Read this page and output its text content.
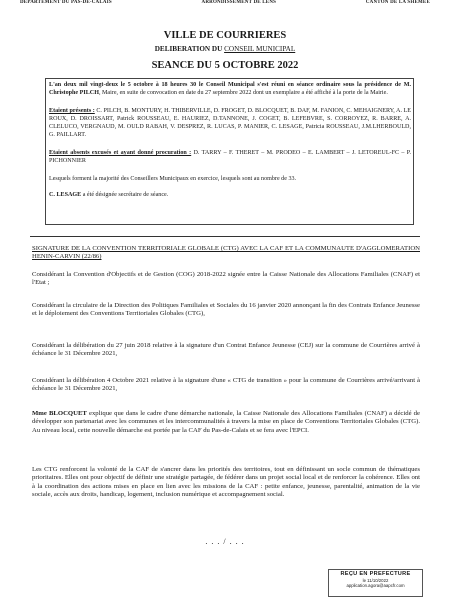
DÉPARTEMENT DU PAS-DE-CALAIS	ARRONDISSEMENT DE LENS	CANTON DE LA SHEMEE
VILLE DE COURRIERES
DELIBERATION DU CONSEIL MUNICIPAL
SEANCE DU 5 OCTOBRE 2022

L'an deux mil vingt-deux le 5 octobre à 18 heures 30 le Conseil Municipal s'est réuni en séance ordinaire sous la présidence de M. Christophe PILCH, Maire, en suite de convocation en date du 27 septembre 2022 dont un exemplaire a été affiché à la porte de la Mairie.

Etaient présents : C. PILCH, B. MONTURY, H. THIBERVILLE, D. FROGET, D. BLOCQUET, B. DAF, M. FANION, C. MEHAIGNERY, A. LE ROUX, D. DROISSART, Patrick ROUSSEAU, E. HAURIEZ, D.TANNONE, J. COGET, B. LEFEBVRE, S. CORROYEZ, R. BARRE, A. CLELUCO, VERGNAUD, M. OULD RABAH, V. DESPREZ, R. LUCAS, P. MANIER, C. LESAGE, Patricia ROUSSEAU, J.M.LHERBOULD, G. PAILLART.

Etaient absents excusés et ayant donné procuration : D. TARRY – F. THERET – M. PRODEO – E. LAMBERT – J. LETOREUL-FC – P. PICHONNIER

Lesquels forment la majorité des Conseillers Municipaux en exercice, lesquels sont au nombre de 33.

C. LESAGE a été désignée secrétaire de séance.

SIGNATURE DE LA CONVENTION TERRITORIALE GLOBALE (CTG) AVEC LA CAF ET LA COMMUNAUTE D'AGGLOMERATION HENIN-CARVIN (22/86)

Considérant la Convention d'Objectifs et de Gestion (COG) 2018-2022 signée entre la Caisse Nationale des Allocations Familiales (CNAF) et l'Etat ;

Considérant la circulaire de la Direction des Politiques Familiales et Sociales du 16 janvier 2020 annonçant la fin des Contrats Enfance Jeunesse et le déploiement des Conventions Territoriales Globales (CTG),

Considérant la délibération du 27 juin 2018 relative à la signature d'un Contrat Enfance Jeunesse (CEJ) sur la commune de Courrières arrivé à échéance le 31 Décembre 2021,

Considérant la délibération 4 Octobre 2021 relative à la signature d'une « CTG de transition » pour la commune de Courrières arrivé/arrivant à échéance le 31 Décembre 2021,

Mme BLOCQUET explique que dans le cadre d'une démarche nationale, la Caisse Nationale des Allocations Familiales (CNAF) a décidé de développer son partenariat avec les communes et les intercommunalités à travers la mise en place de Conventions Territoriales Globales (CTG). Au niveau local, cette nouvelle démarche est portée par la CAF du Pas-de-Calais et se fera avec l'EPCI.

Les CTG renforcent la volonté de la CAF de s'ancrer dans les priorités des territoires, tout en définissant un socle commun de thématiques prioritaires. Elles ont pour objectif de définir une stratégie partagée, de fédérer dans un projet social local et de renforcer la cohérence. Elles ont à la coordination des actions mises en place en lien avec les missions de la CAF : petite enfance, jeunesse, parentalité, animation de la vie sociale, accès aux droits, handicap, logement, inclusion numérique et accompagnement social.

. . . / . . .
REÇU EN PREFECTURE
le 11/10/2022
application.agora@aapcfr.com
